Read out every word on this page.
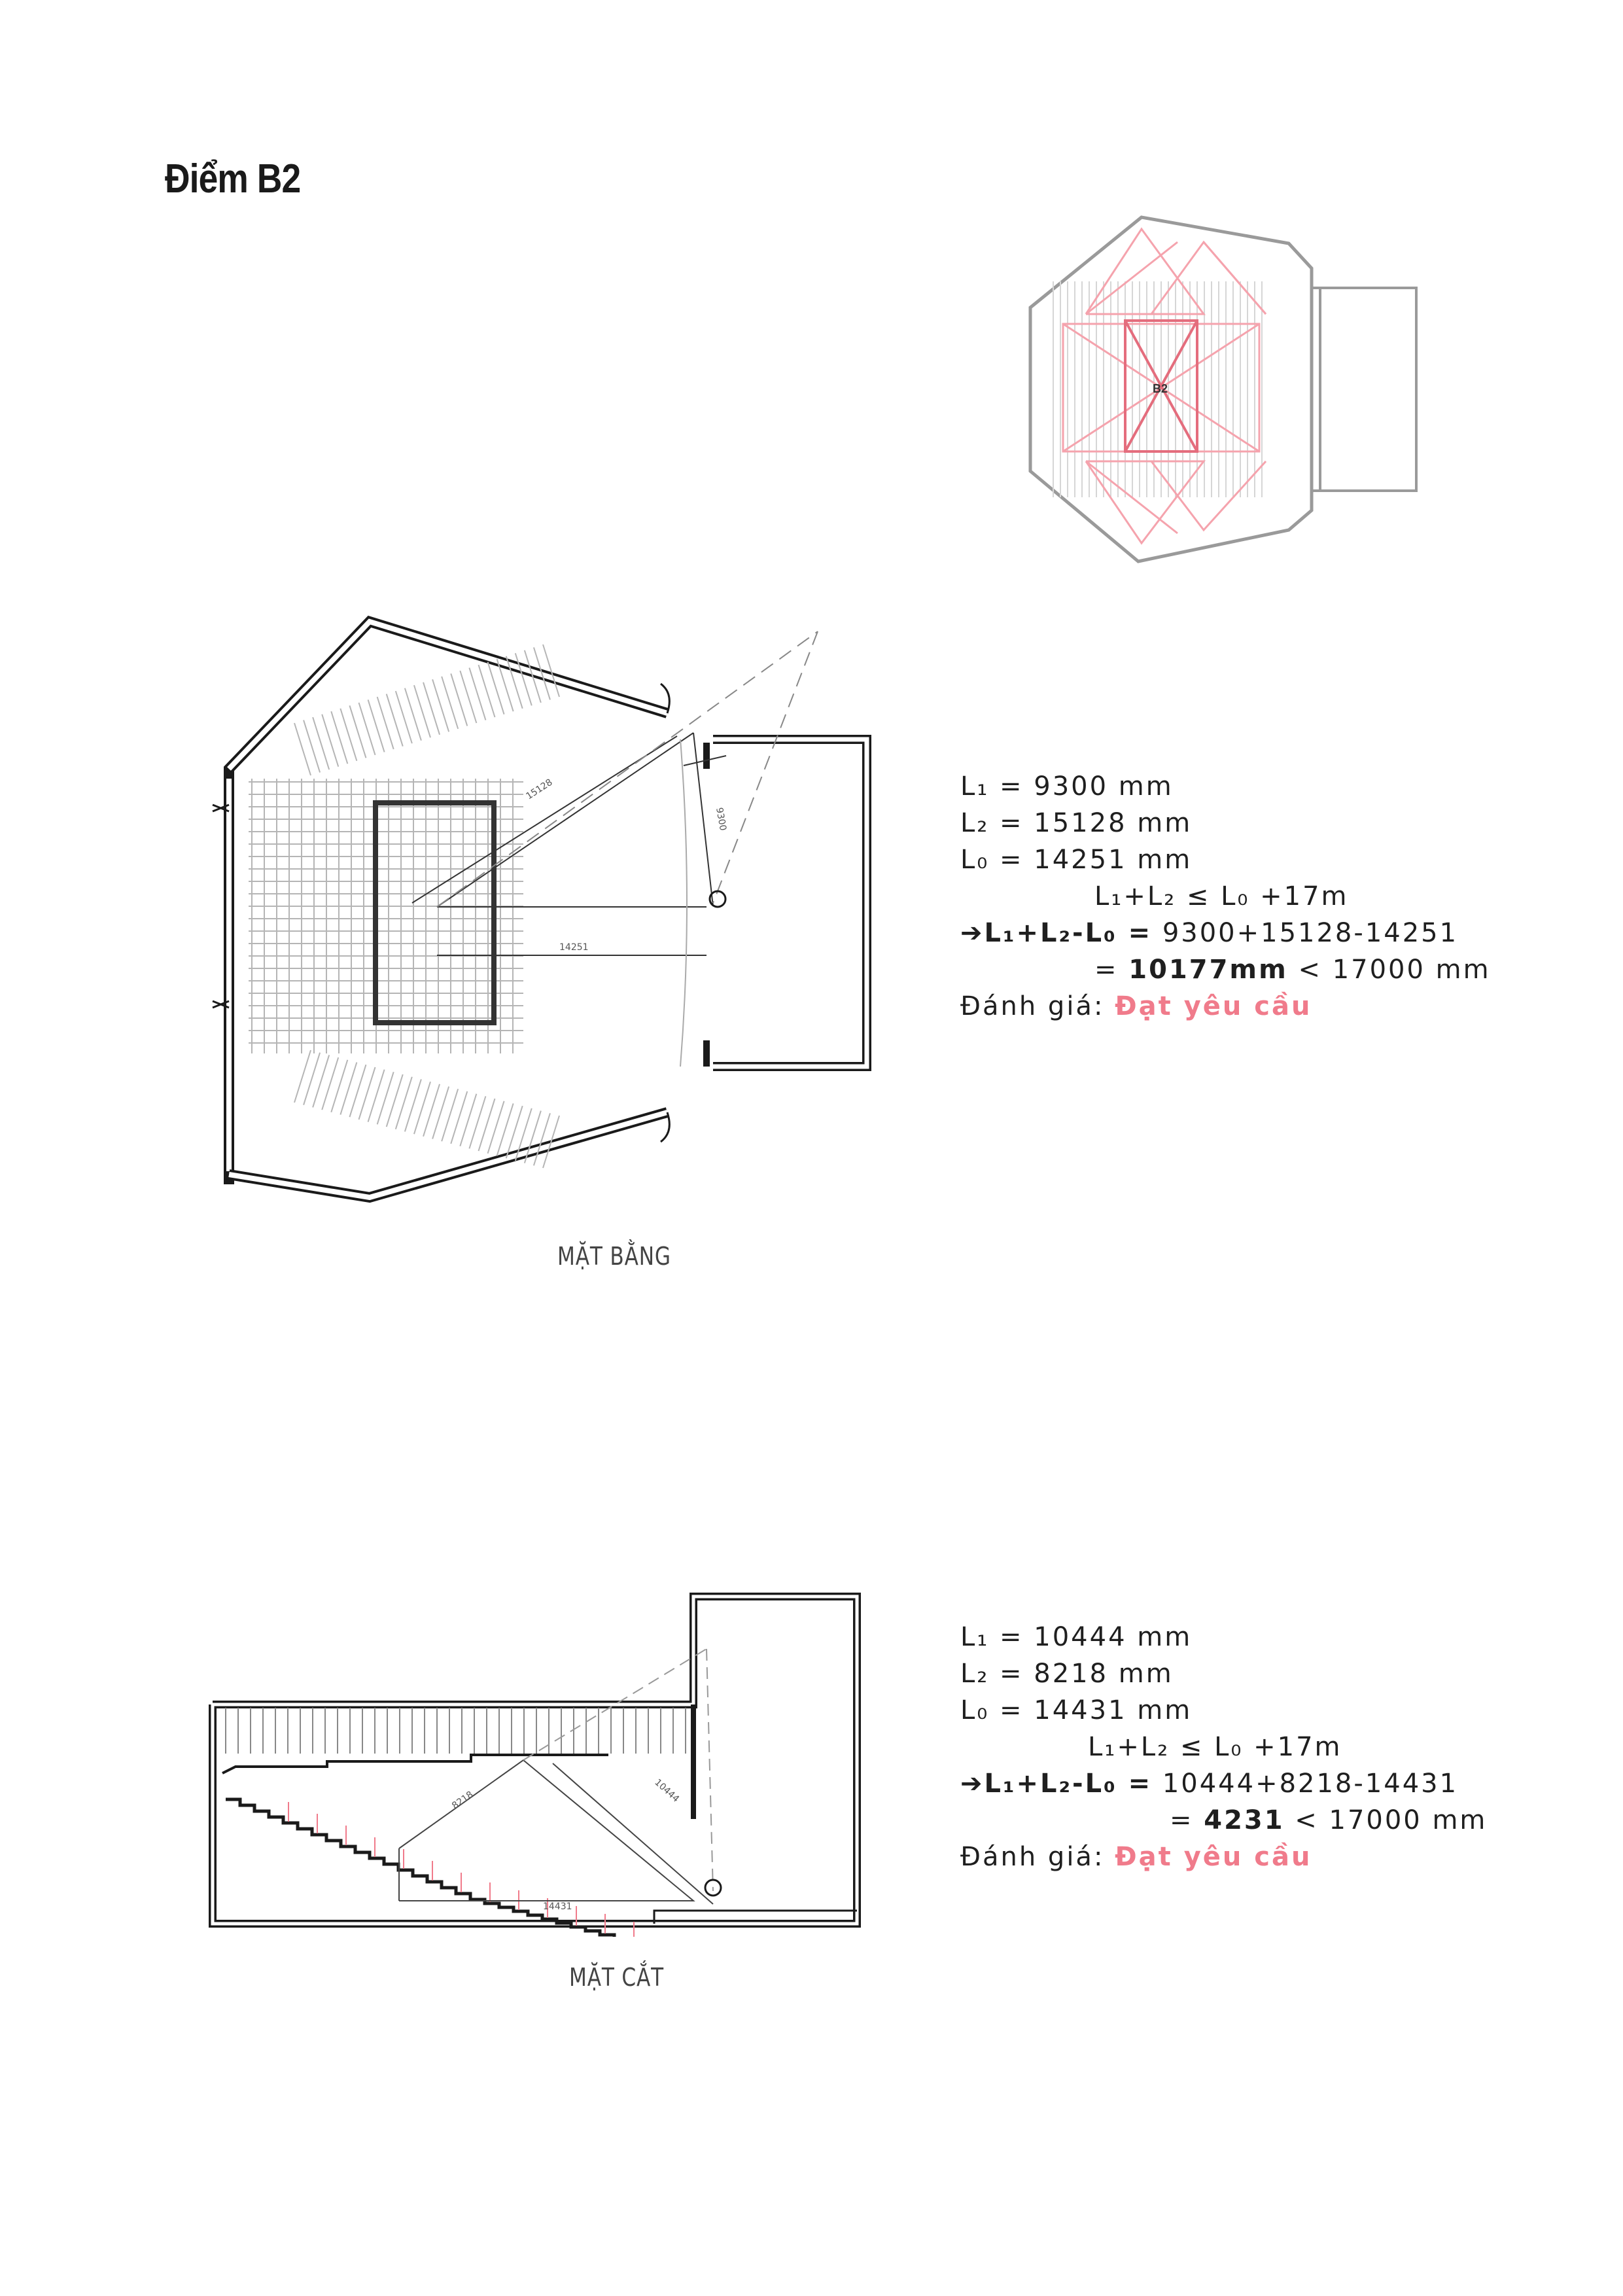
Điểm B2
B2
15128
9300
14251
MẶT BẰNG
L₁ = 9300 mm
L₂ = 15128 mm
L₀ = 14251 mm
L₁+L₂ ≤ L₀ +17m
➔L₁+L₂-L₀ = 9300+15128-14251
= 10177mm < 17000 mm
Đánh giá: Đạt yêu cầu
8218	10444
14431
MẶT CẮT
L₁ = 10444 mm
L₂ = 8218 mm
L₀ = 14431 mm
L₁+L₂ ≤ L₀ +17m
➔L₁+L₂-L₀ = 10444+8218-14431
= 4231 < 17000 mm
Đánh giá: Đạt yêu cầu
